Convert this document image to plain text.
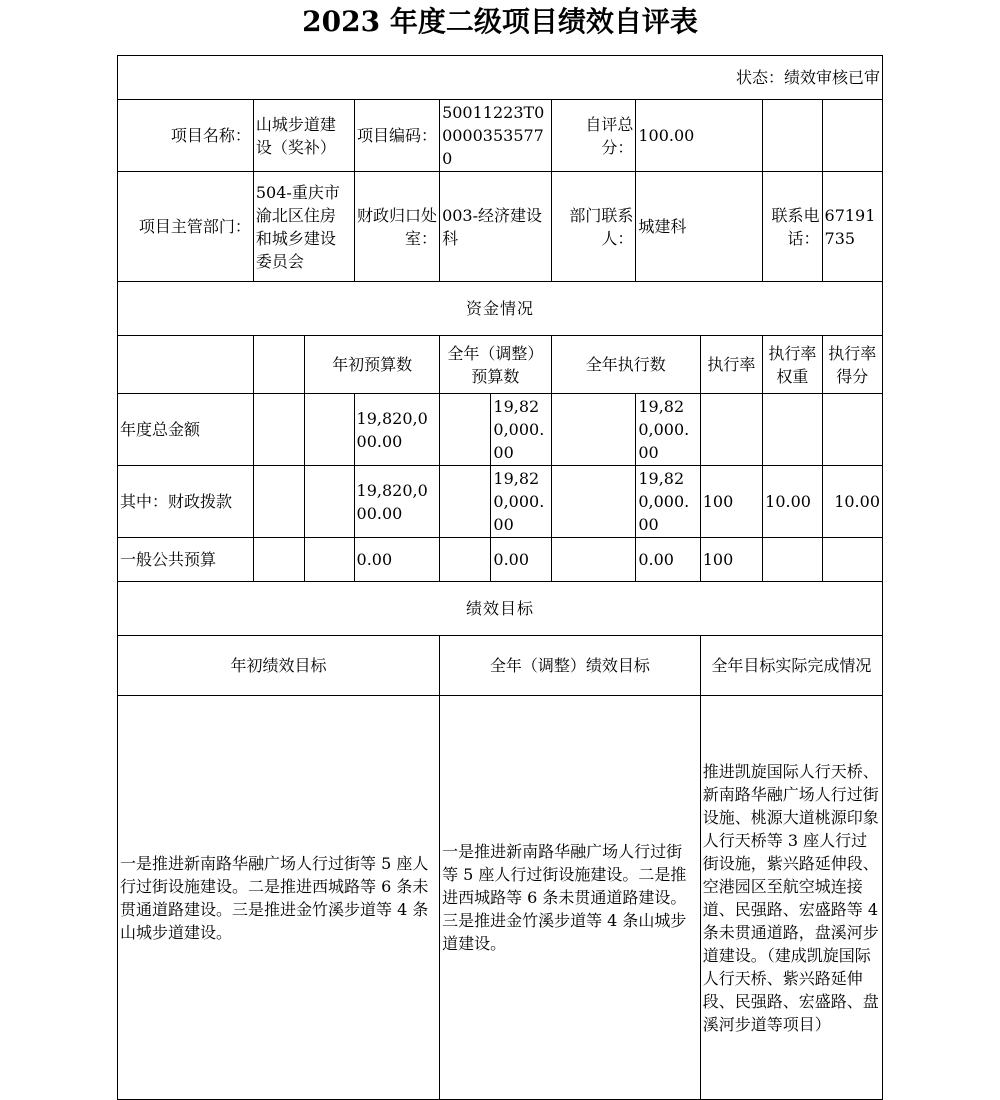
2023 年度二级项目绩效自评表
状态：绩效审核已审										
项目名称：	山城步道建设（奖补）		项目编码：	50011223T000003535770		自评总分：	100.00			
项目主管部门：	504-重庆市渝北区住房和城乡建设委员会		财政归口处室：	003-经济建设科		部门联系人：	城建科		联系电话：	67191735
资金情况										
		年初预算数		全年（调整）预算数		全年执行数		执行率	执行率权重	执行率得分
年度总金额			19,820,000.00		19,820,000.00		19,820,000.00			
其中：财政拨款			19,820,000.00		19,820,000.00		19,820,000.00	100	10.00	10.00
一般公共预算			0.00		0.00		0.00	100		
绩效目标										
年初绩效目标				全年（调整）绩效目标				全年目标实际完成情况		
一是推进新南路华融广场人行过街等 5 座人行过街设施建设。二是推进西城路等 6 条未贯通道路建设。三是推进金竹溪步道等 4 条山城步道建设。				一是推进新南路华融广场人行过街等 5 座人行过街设施建设。二是推进西城路等 6 条未贯通道路建设。三是推进金竹溪步道等 4 条山城步道建设。				推进凯旋国际人行天桥、新南路华融广场人行过街设施、桃源大道桃源印象人行天桥等 3 座人行过街设施，紫兴路延伸段、空港园区至航空城连接道、民强路、宏盛路等 4 条未贯通道路，盘溪河步道建设。（建成凯旋国际人行天桥、紫兴路延伸段、民强路、宏盛路、盘溪河步道等项目）		
